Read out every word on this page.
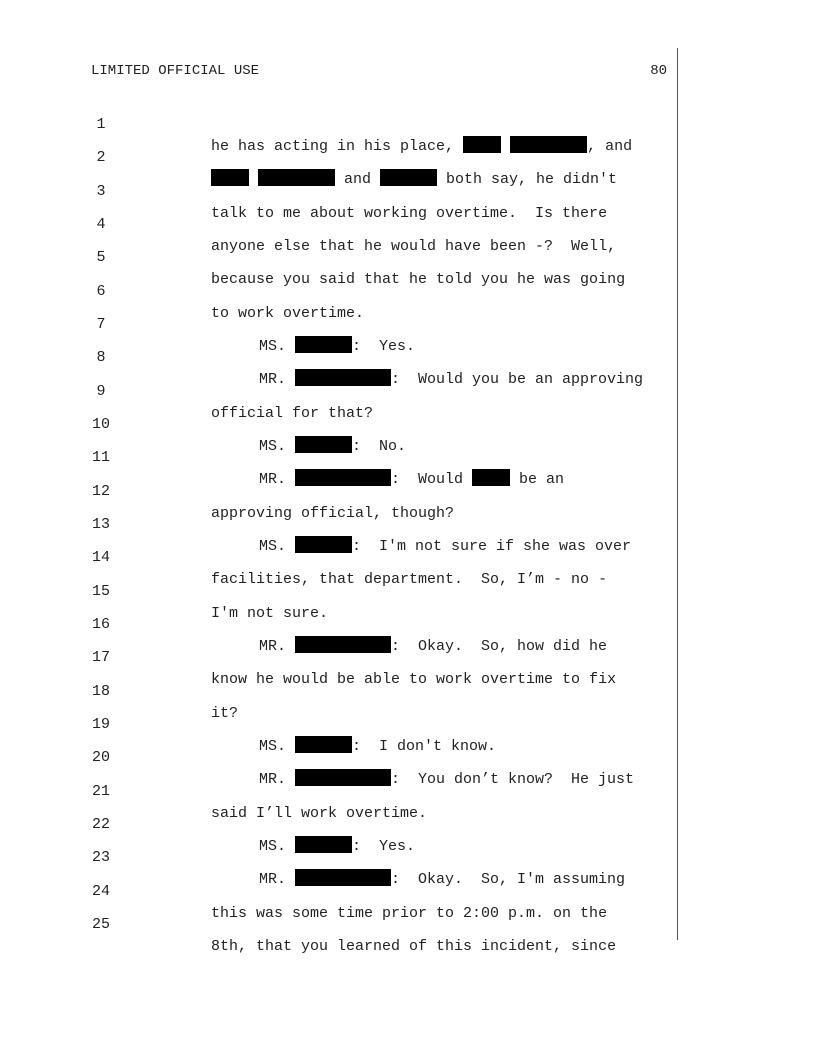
LIMITED OFFICIAL USE	80

1

he has acting in his place,	, and

2

and	both say, he didn't

3

talk to me about working overtime.  Is there

4

anyone else that he would have been -?  Well,

5

because you said that he told you he was going

6

to work overtime.

7

MS.	:  Yes.

8

MR.	:  Would you be an approving

9

official for that?

10

MS.	:  No.

11

MR.	:  Would	be an

12

approving official, though?

13

MS.	:  I'm not sure if she was over

14

facilities, that department.  So, I’m - no -

15

I'm not sure.

16

MR.	:  Okay.  So, how did he

17

know he would be able to work overtime to fix

18

it?

19

MS.	:  I don't know.

20

MR.	:  You don’t know?  He just

21

said I’ll work overtime.

22

MS.	:  Yes.

23

MR.	:  Okay.  So, I'm assuming

24

this was some time prior to 2:00 p.m. on the

25

8th, that you learned of this incident, since
